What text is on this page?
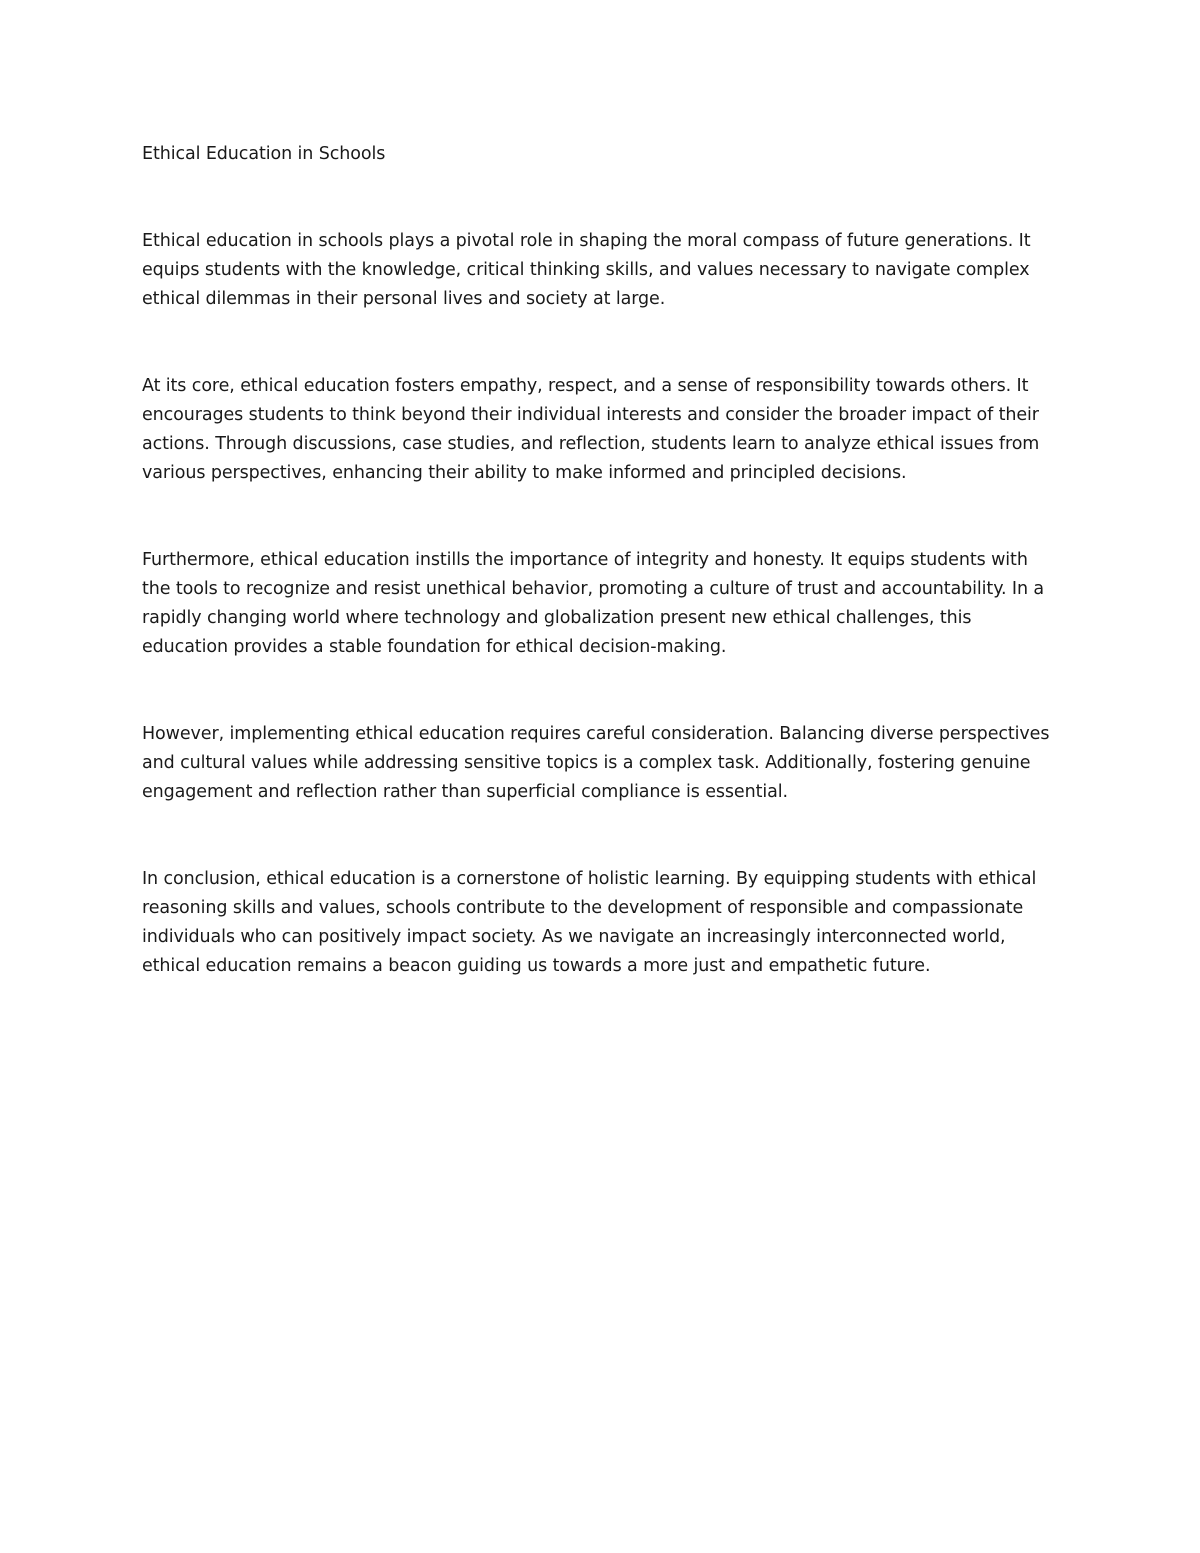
Ethical Education in Schools
Ethical education in schools plays a pivotal role in shaping the moral compass of future generations. It
equips students with the knowledge, critical thinking skills, and values necessary to navigate complex
ethical dilemmas in their personal lives and society at large.
At its core, ethical education fosters empathy, respect, and a sense of responsibility towards others. It
encourages students to think beyond their individual interests and consider the broader impact of their
actions. Through discussions, case studies, and reflection, students learn to analyze ethical issues from
various perspectives, enhancing their ability to make informed and principled decisions.
Furthermore, ethical education instills the importance of integrity and honesty. It equips students with
the tools to recognize and resist unethical behavior, promoting a culture of trust and accountability. In a
rapidly changing world where technology and globalization present new ethical challenges, this
education provides a stable foundation for ethical decision-making.
However, implementing ethical education requires careful consideration. Balancing diverse perspectives
and cultural values while addressing sensitive topics is a complex task. Additionally, fostering genuine
engagement and reflection rather than superficial compliance is essential.
In conclusion, ethical education is a cornerstone of holistic learning. By equipping students with ethical
reasoning skills and values, schools contribute to the development of responsible and compassionate
individuals who can positively impact society. As we navigate an increasingly interconnected world,
ethical education remains a beacon guiding us towards a more just and empathetic future.
